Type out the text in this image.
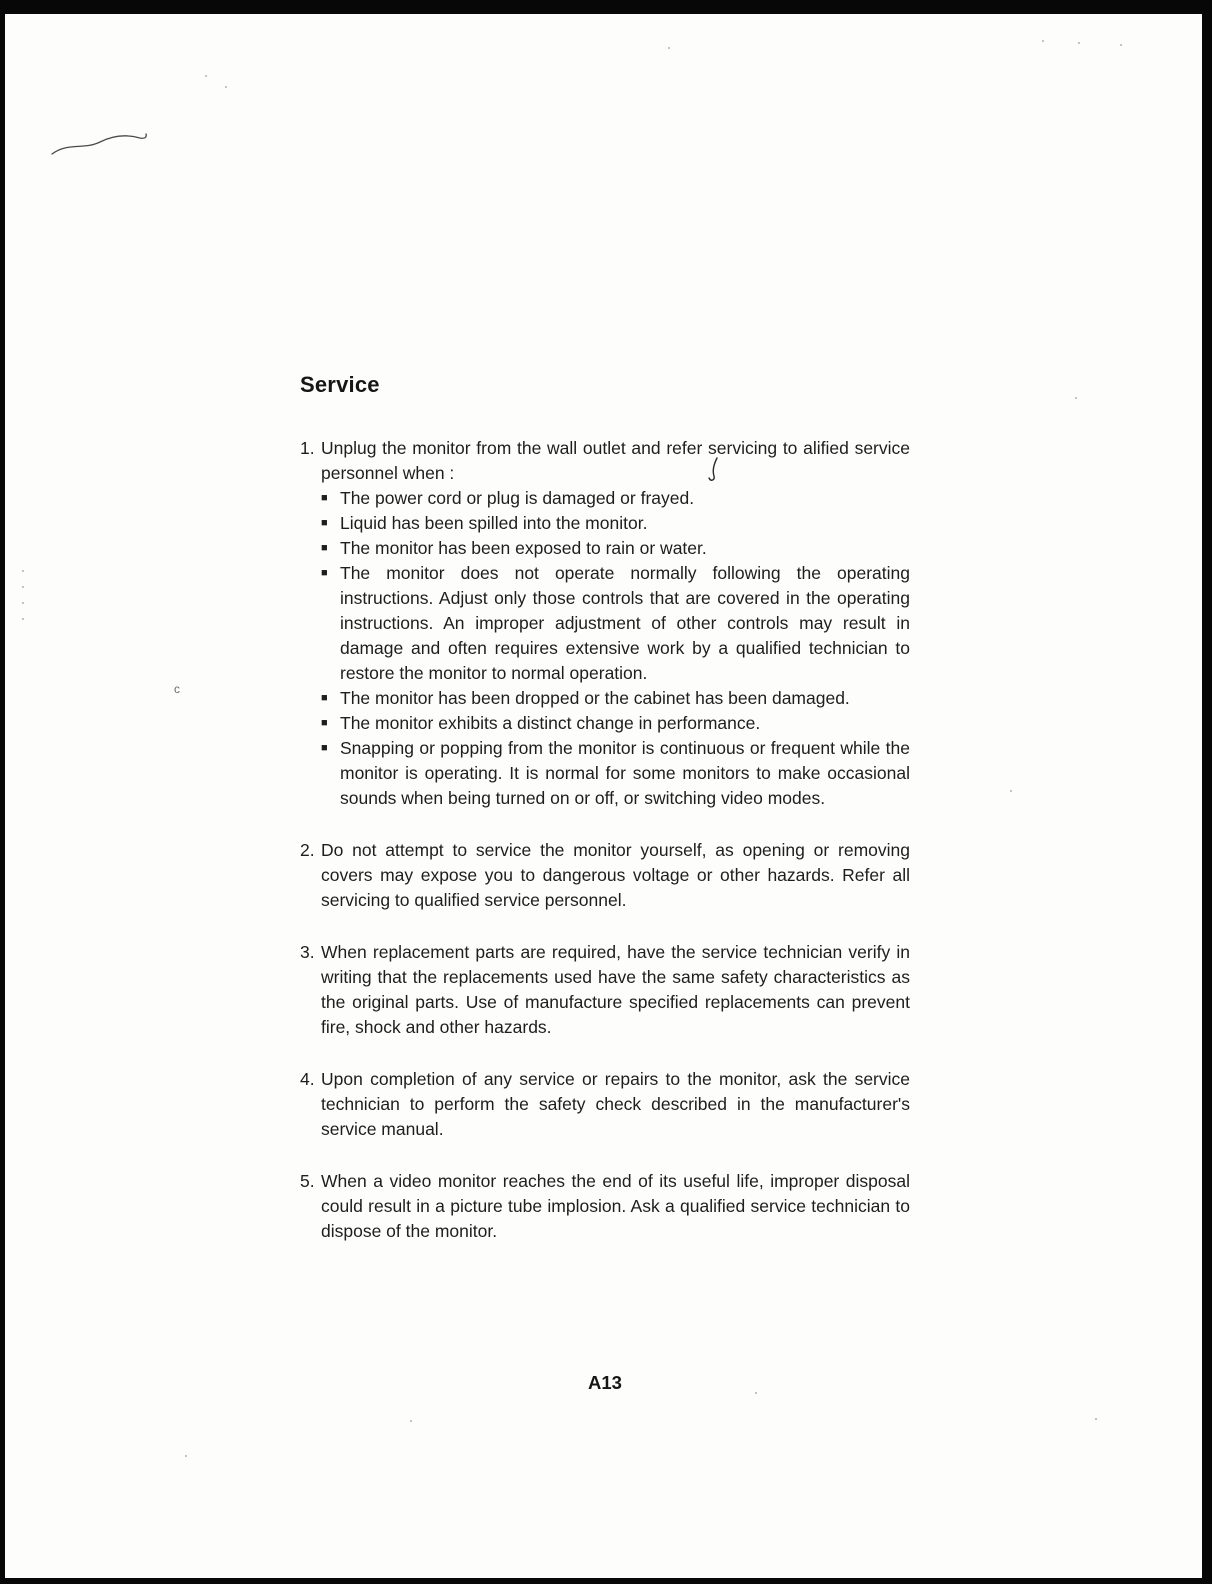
c
Service
1. Unplug the monitor from the wall outlet and refer servicing to alified service personnel when :

■ The power cord or plug is damaged or frayed.

■ Liquid has been spilled into the monitor.

■ The monitor has been exposed to rain or water.

■ The monitor does not operate normally following the operating instructions. Adjust only those controls that are covered in the operating instructions. An improper adjustment of other controls may result in damage and often requires extensive work by a qualified technician to restore the monitor to normal operation.

■ The monitor has been dropped or the cabinet has been damaged.

■ The monitor exhibits a distinct change in performance.

■ Snapping or popping from the monitor is continuous or frequent while the monitor is operating. It is normal for some monitors to make occasional sounds when being turned on or off, or switching video modes.

2. Do not attempt to service the monitor yourself, as opening or removing covers may expose you to dangerous voltage or other hazards. Refer all servicing to qualified service personnel.

3. When replacement parts are required, have the service technician verify in writing that the replacements used have the same safety characteristics as the original parts. Use of manufacture specified replacements can prevent fire, shock and other hazards.

4. Upon completion of any service or repairs to the monitor, ask the service technician to perform the safety check described in the manufacturer's service manual.

5. When a video monitor reaches the end of its useful life, improper disposal could result in a picture tube implosion. Ask a qualified service technician to dispose of the monitor.

A13
